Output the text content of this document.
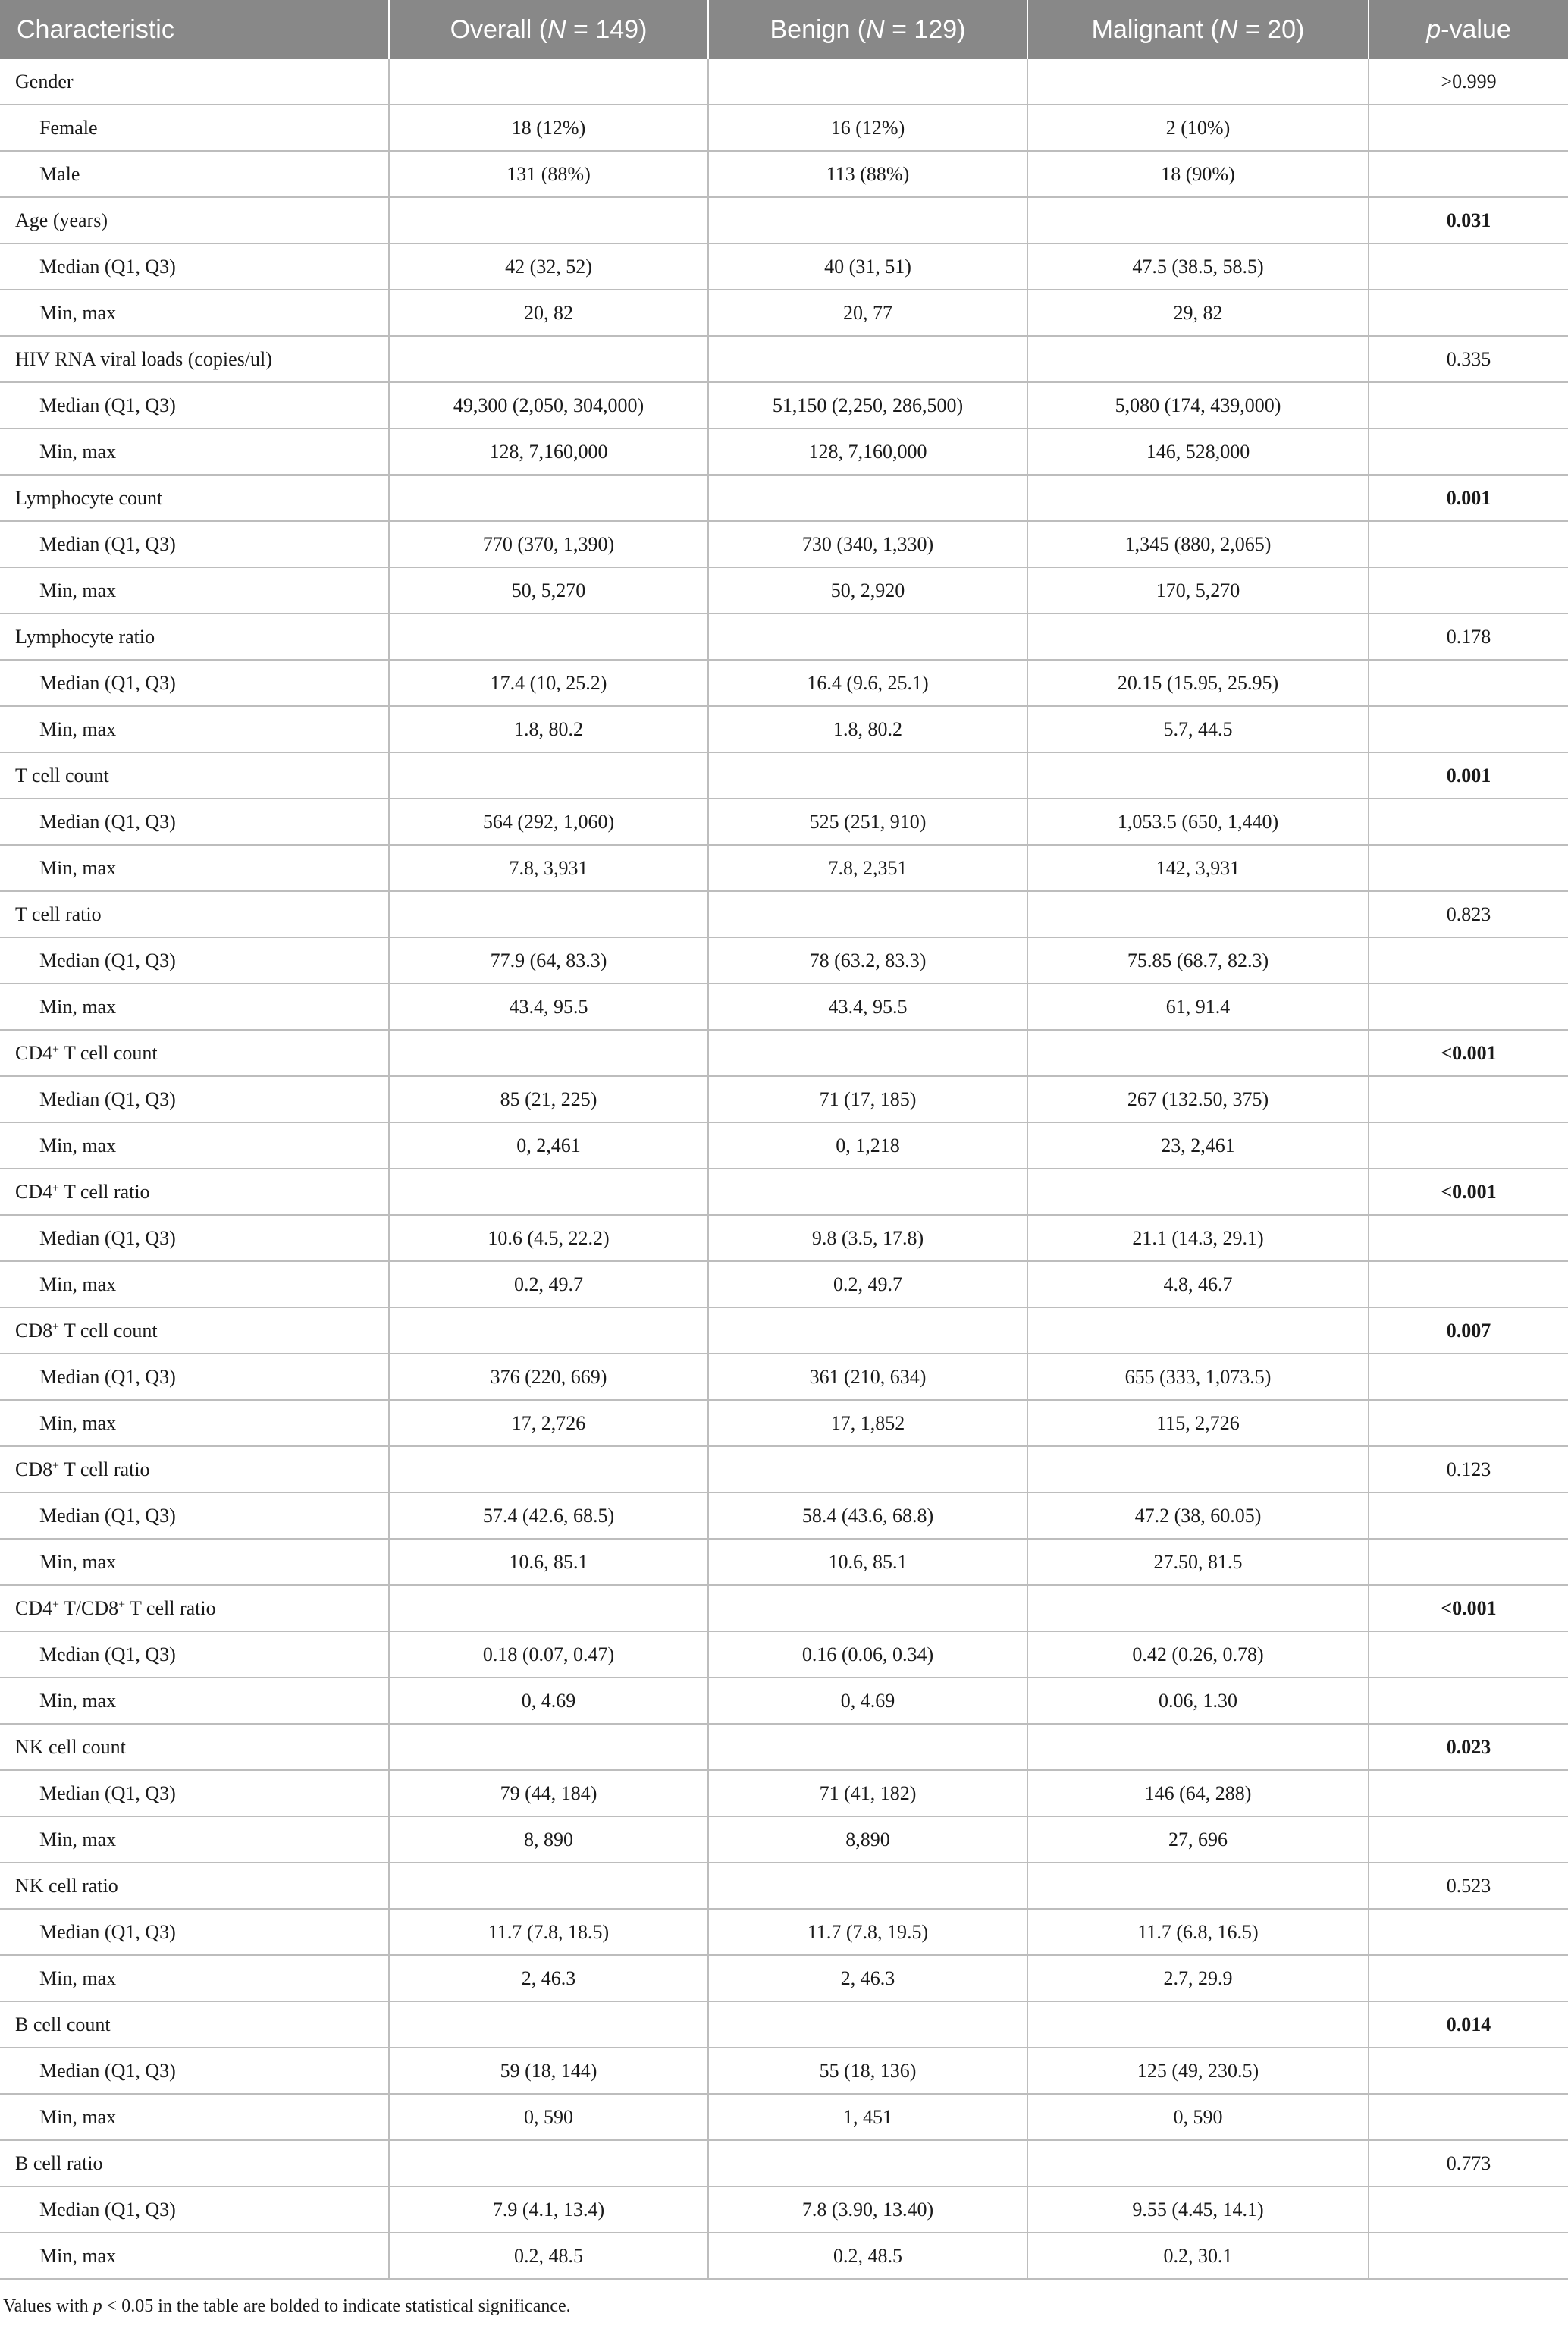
Characteristic	Overall (N = 149)	Benign (N = 129)	Malignant (N = 20)	p-value
Gender				>0.999
Female	18 (12%)	16 (12%)	2 (10%)	
Male	131 (88%)	113 (88%)	18 (90%)	
Age (years)				0.031
Median (Q1, Q3)	42 (32, 52)	40 (31, 51)	47.5 (38.5, 58.5)	
Min, max	20, 82	20, 77	29, 82	
HIV RNA viral loads (copies/ul)				0.335
Median (Q1, Q3)	49,300 (2,050, 304,000)	51,150 (2,250, 286,500)	5,080 (174, 439,000)	
Min, max	128, 7,160,000	128, 7,160,000	146, 528,000	
Lymphocyte count				0.001
Median (Q1, Q3)	770 (370, 1,390)	730 (340, 1,330)	1,345 (880, 2,065)	
Min, max	50, 5,270	50, 2,920	170, 5,270	
Lymphocyte ratio				0.178
Median (Q1, Q3)	17.4 (10, 25.2)	16.4 (9.6, 25.1)	20.15 (15.95, 25.95)	
Min, max	1.8, 80.2	1.8, 80.2	5.7, 44.5	
T cell count				0.001
Median (Q1, Q3)	564 (292, 1,060)	525 (251, 910)	1,053.5 (650, 1,440)	
Min, max	7.8, 3,931	7.8, 2,351	142, 3,931	
T cell ratio				0.823
Median (Q1, Q3)	77.9 (64, 83.3)	78 (63.2, 83.3)	75.85 (68.7, 82.3)	
Min, max	43.4, 95.5	43.4, 95.5	61, 91.4	
CD4+ T cell count				<0.001
Median (Q1, Q3)	85 (21, 225)	71 (17, 185)	267 (132.50, 375)	
Min, max	0, 2,461	0, 1,218	23, 2,461	
CD4+ T cell ratio				<0.001
Median (Q1, Q3)	10.6 (4.5, 22.2)	9.8 (3.5, 17.8)	21.1 (14.3, 29.1)	
Min, max	0.2, 49.7	0.2, 49.7	4.8, 46.7	
CD8+ T cell count				0.007
Median (Q1, Q3)	376 (220, 669)	361 (210, 634)	655 (333, 1,073.5)	
Min, max	17, 2,726	17, 1,852	115, 2,726	
CD8+ T cell ratio				0.123
Median (Q1, Q3)	57.4 (42.6, 68.5)	58.4 (43.6, 68.8)	47.2 (38, 60.05)	
Min, max	10.6, 85.1	10.6, 85.1	27.50, 81.5	
CD4+ T/CD8+ T cell ratio				<0.001
Median (Q1, Q3)	0.18 (0.07, 0.47)	0.16 (0.06, 0.34)	0.42 (0.26, 0.78)	
Min, max	0, 4.69	0, 4.69	0.06, 1.30	
NK cell count				0.023
Median (Q1, Q3)	79 (44, 184)	71 (41, 182)	146 (64, 288)	
Min, max	8, 890	8,890	27, 696	
NK cell ratio				0.523
Median (Q1, Q3)	11.7 (7.8, 18.5)	11.7 (7.8, 19.5)	11.7 (6.8, 16.5)	
Min, max	2, 46.3	2, 46.3	2.7, 29.9	
B cell count				0.014
Median (Q1, Q3)	59 (18, 144)	55 (18, 136)	125 (49, 230.5)	
Min, max	0, 590	1, 451	0, 590	
B cell ratio				0.773
Median (Q1, Q3)	7.9 (4.1, 13.4)	7.8 (3.90, 13.40)	9.55 (4.45, 14.1)	
Min, max	0.2, 48.5	0.2, 48.5	0.2, 30.1	
Values with p < 0.05 in the table are bolded to indicate statistical significance.
